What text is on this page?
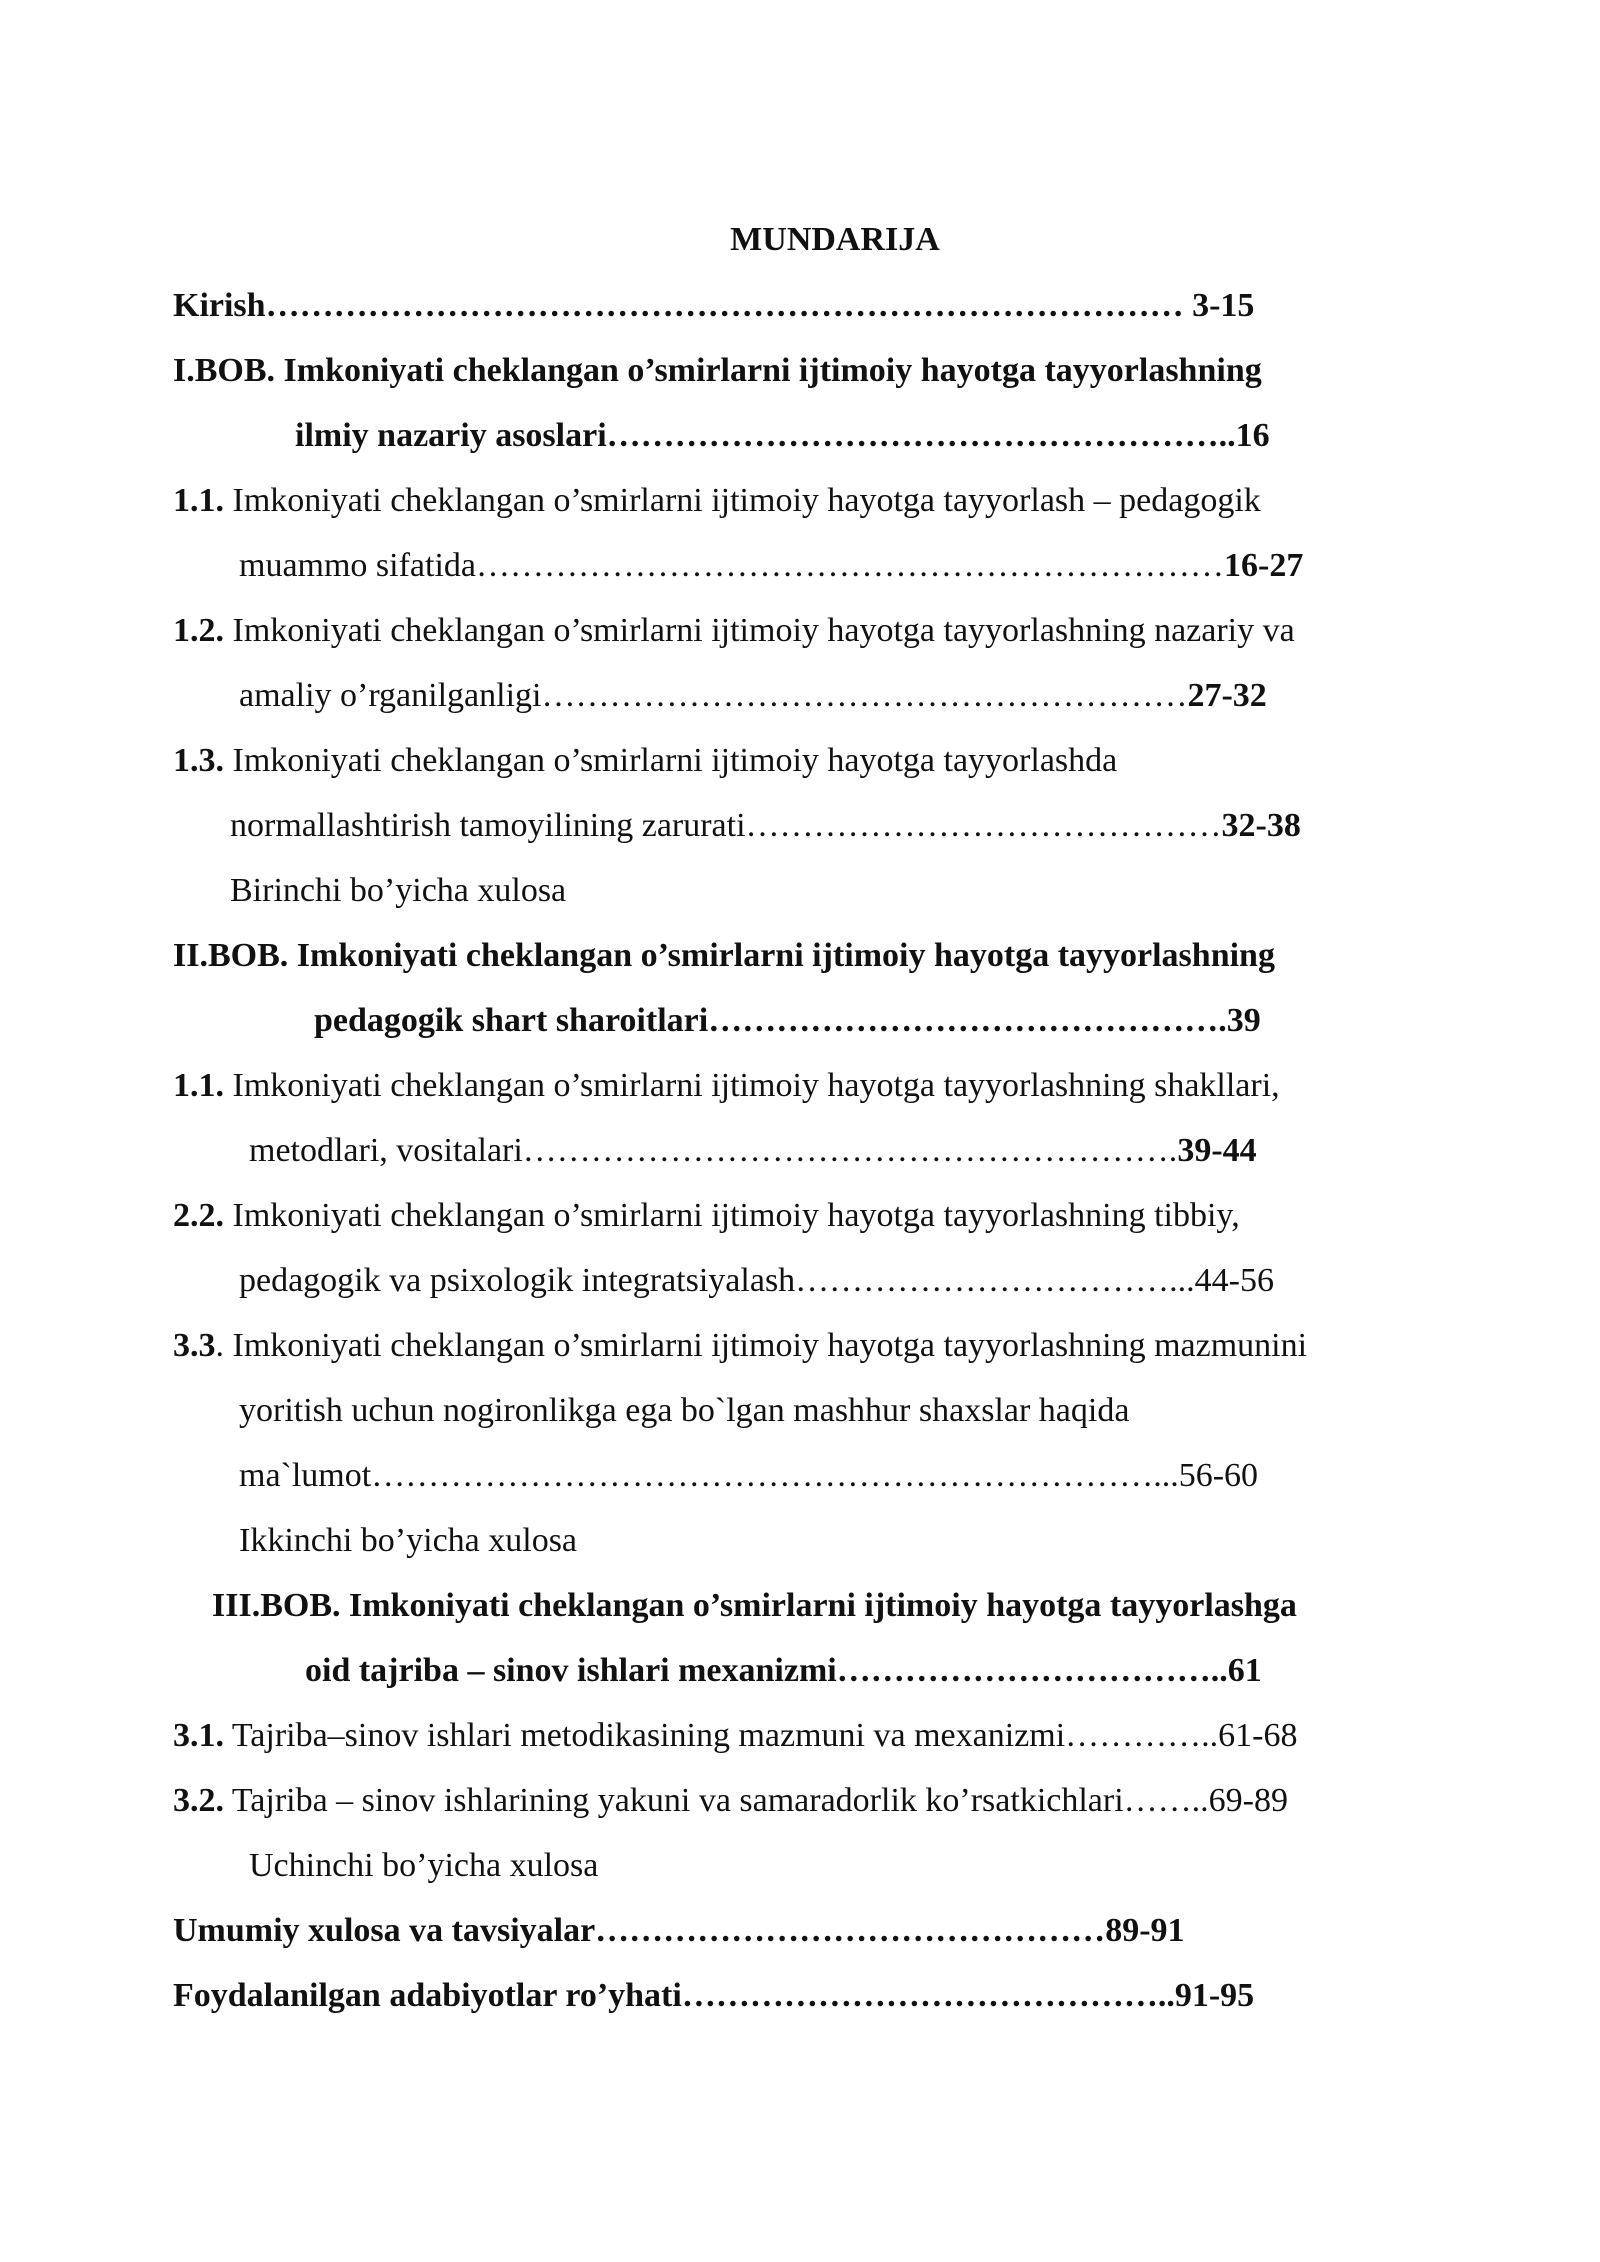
MUNDARIJA
Kirish……………………………………………………………………… 3-15
I.BOB. Imkoniyati cheklangan o’smirlarni ijtimoiy hayotga tayyorlashning
ilmiy nazariy asoslari………………………………………………..16
1.1. Imkoniyati cheklangan o’smirlarni ijtimoiy hayotga tayyorlash – pedagogik
muammo sifatida…………………………………………………………16-27
1.2. Imkoniyati cheklangan o’smirlarni ijtimoiy hayotga tayyorlashning nazariy va
amaliy o’rganilganligi…………………………………………………27-32
1.3. Imkoniyati cheklangan o’smirlarni ijtimoiy hayotga tayyorlashda
normallashtirish tamoyilining zarurati……………………………………32-38
Birinchi bo’yicha xulosa
II.BOB. Imkoniyati cheklangan o’smirlarni ijtimoiy hayotga tayyorlashning
pedagogik shart sharoitlari……………………………………….39
1.1. Imkoniyati cheklangan o’smirlarni ijtimoiy hayotga tayyorlashning shakllari,
metodlari, vositalari………………………………………………….39-44
2.2. Imkoniyati cheklangan o’smirlarni ijtimoiy hayotga tayyorlashning tibbiy,
pedagogik va psixologik integratsiyalash……………………………...44-56
3.3. Imkoniyati cheklangan o’smirlarni ijtimoiy hayotga tayyorlashning mazmunini
yoritish uchun nogironlikga ega bo`lgan mashhur shaxslar haqida
ma`lumot……………………………………………………………...56-60
Ikkinchi bo’yicha xulosa
III.BOB. Imkoniyati cheklangan o’smirlarni ijtimoiy hayotga tayyorlashga
oid tajriba – sinov ishlari mexanizmi……………………………..61
3.1. Tajriba–sinov ishlari metodikasining mazmuni va mexanizmi…………..61-68
3.2. Tajriba – sinov ishlarining yakuni va samaradorlik ko’rsatkichlari……..69-89
Uchinchi bo’yicha xulosa
Umumiy xulosa va tavsiyalar………………………………………89-91
Foydalanilgan adabiyotlar ro’yhati……………………………………..91-95
